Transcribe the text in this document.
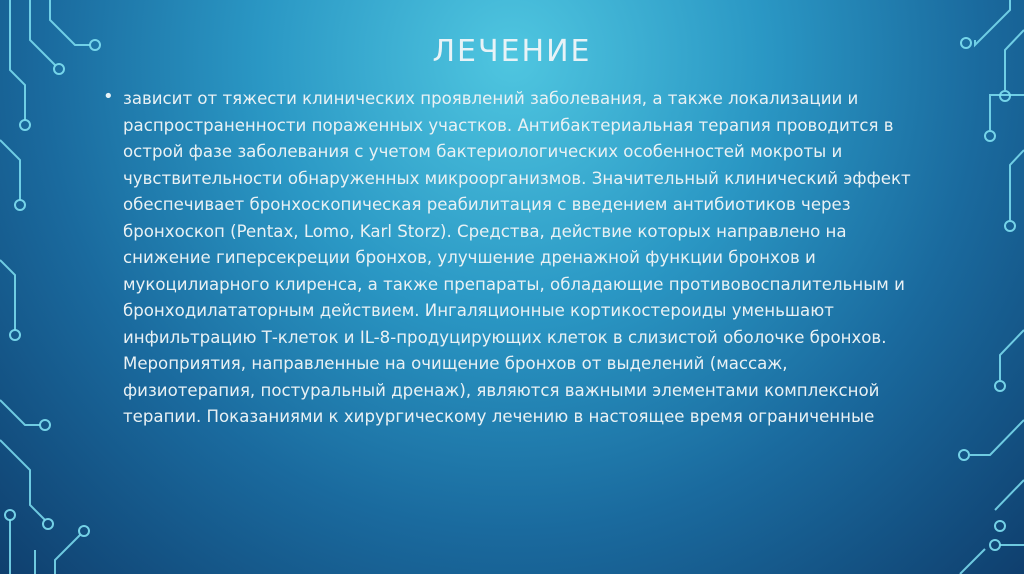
ЛЕЧЕНИЕ
• зависит от тяжести клинических проявлений заболевания, а также локализации и распространенности пораженных участков. Антибактериальная терапия проводится в острой фазе заболевания с учетом бактериологических особенностей мокроты и чувствительности обнаруженных микроорганизмов. Значительный клинический эффект обеспечивает бронхоскопическая реабилитация с введением антибиотиков через бронхоскоп (Pentax, Lomo, Karl Storz). Средства, действие которых направлено на снижение гиперсекреции бронхов, улучшение дренажной функции бронхов и мукоцилиарного клиренса, а также препараты, обладающие противовоспалительным и бронходилататорным действием. Ингаляционные кортикостероиды уменьшают инфильтрацию Т-клеток и IL-8-продуцирующих клеток в слизистой оболочке бронхов. Мероприятия, направленные на очищение бронхов от выделений (массаж, физиотерапия, постуральный дренаж), являются важными элементами комплексной терапии. Показаниями к хирургическому лечению в настоящее время ограниченные
